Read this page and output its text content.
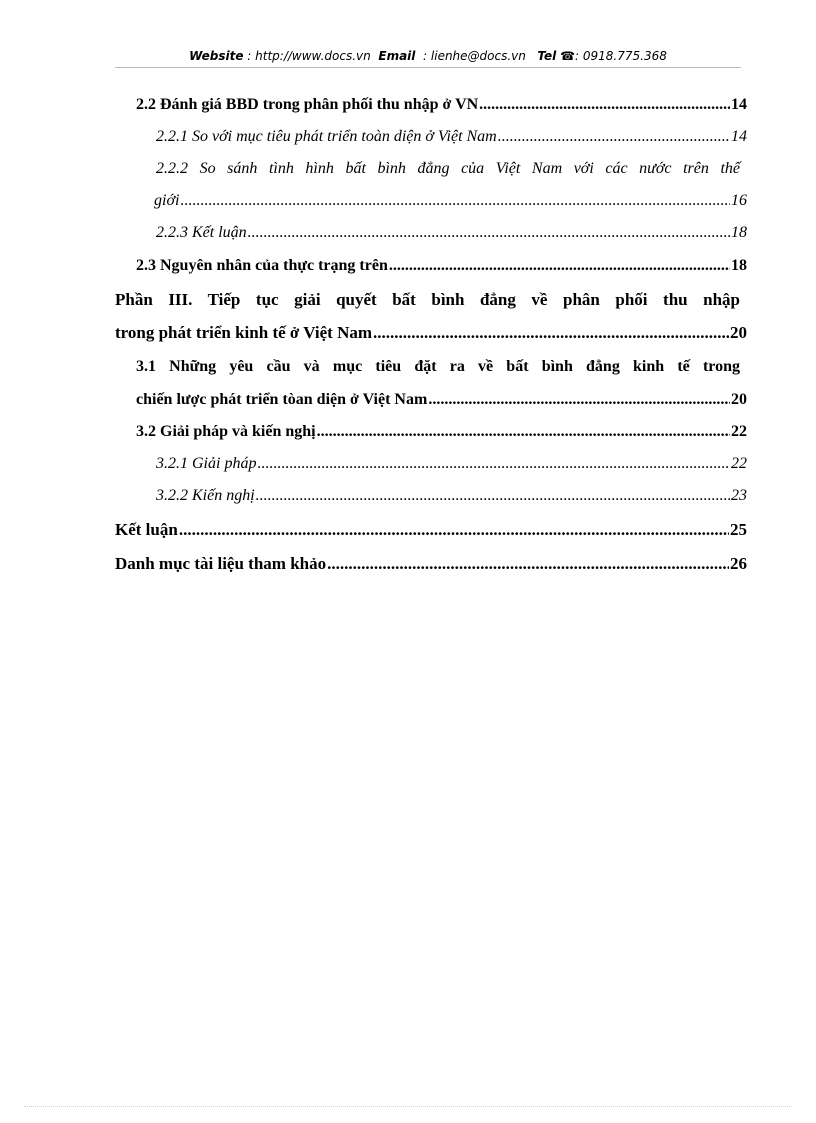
Website : http://www.docs.vn Email : lienhe@docs.vn Tel ☎: 0918.775.368
2.2 Đánh giá BBD trong phân phối thu nhập ở VN .....	14
2.2.1 So với mục tiêu phát triển toàn diện ở Việt Nam .....	14
2.2.2 So sánh tình hình bất bình đẳng của Việt Nam với các nước trên thế
giới .....	16
2.2.3 Kết luận .....	18
2.3 Nguyên nhân của thực trạng trên .....	18
Phần III. Tiếp tục giải quyết bất bình đẳng về phân phối thu nhập
trong phát triển kinh tế ở Việt Nam .....	20
3.1 Những yêu cầu và mục tiêu đặt ra về bất bình đẳng kinh tế trong
chiến lược phát triển tòan diện ở Việt Nam .....	20
3.2 Giải pháp và kiến nghị .....	22
3.2.1 Giải pháp .....	22
3.2.2 Kiến nghị .....	23
Kết luận .....	25
Danh mục tài liệu tham khảo .....	26
